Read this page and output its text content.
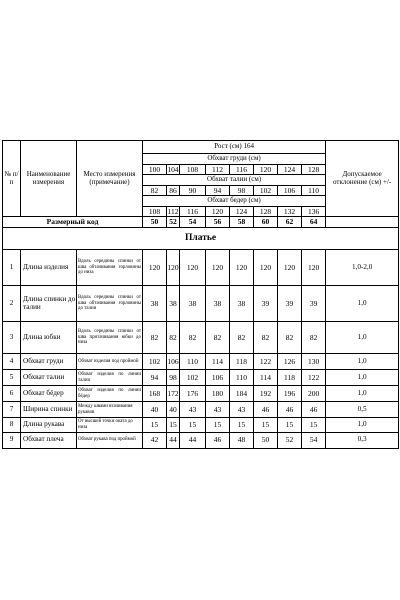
№ п/п	Наименование измерения	Место измерения (примечание)	Рост (см) 164								Допускаемое отклонение (см) +/-
			Обхват груди (см)								
			100	104	108	112	116	120	124	128	
			Обхват талии (см)								
			82	86	90	94	98	102	106	110	
			Обхват бедер (см)								
			108	112	116	120	124	128	132	136	
Размерный код			50	52	54	56	58	60	62	64	
Платье											
1	Длина изделия	Вдоль середины спинки от шва обтачивания горловины до низа	120	120	120	120	120	120	120	120	1,0-2,0
2	Длина спинки до талии	Вдоль середины спинки от шва обтачивания горловины до талии	38	38	38	38	38	39	39	39	1,0
3	Длина юбки	Вдоль середины спинки от шва притачивания юбки до низа	82	82	82	82	82	82	82	82	1,0
4	Обхват груди	Обхват изделия под проймой	102	106	110	114	118	122	126	130	1,0
5	Обхват талии	Обхват изделия по линии талии	94	98	102	106	110	114	118	122	1,0
6	Обхват бёдер	Обхват изделия по линии бёдер	168	172	176	180	184	192	196	200	1,0
7	Ширина спинки	Между швами втачивания рукавов	40	40	43	43	43	46	46	46	0,5
8	Длина рукава	От высшей точки оката до низа	15	15	15	15	15	15	15	15	1,0
9	Обхват плеча	Обхват рукава под проймой	42	44	44	46	48	50	52	54	0,3
